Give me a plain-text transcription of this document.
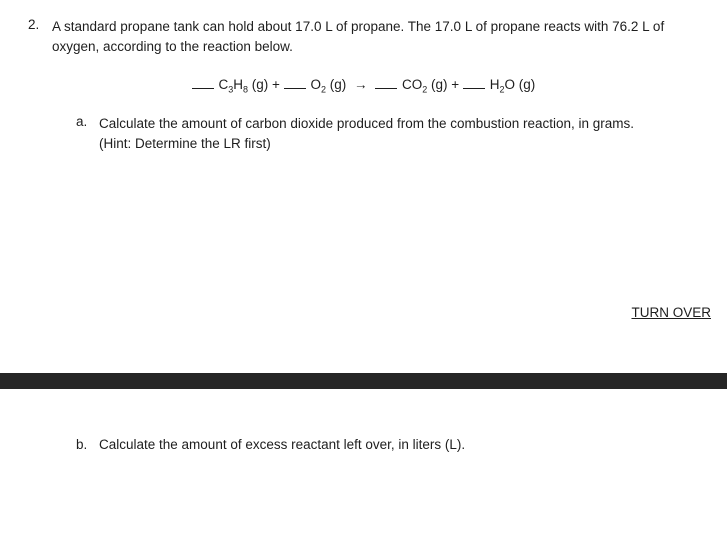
2. A standard propane tank can hold about 17.0 L of propane. The 17.0 L of propane reacts with 76.2 L of oxygen, according to the reaction below.
$C_3H_8$ $(g) + O_2$ (g) →	$CO_2$ $(g) + H_2O$ (g)
a. Calculate the amount of carbon dioxide produced from the combustion reaction, in grams.
(Hint: Determine the LR first)
TURN OVER
b. Calculate the amount of excess reactant left over, in liters (L).
